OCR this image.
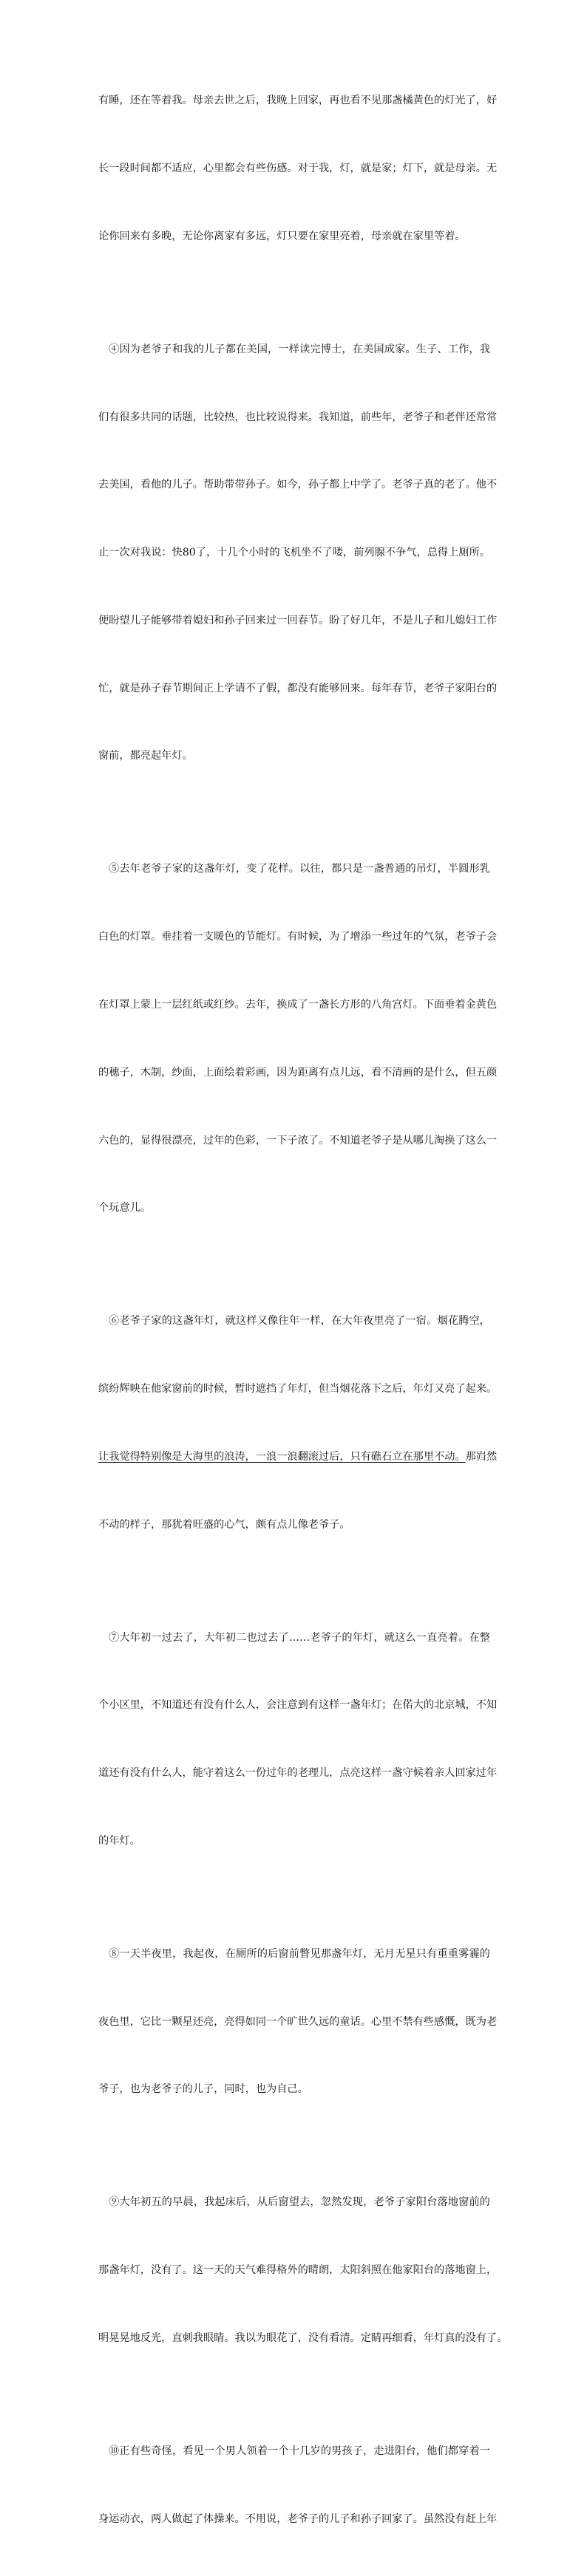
有睡，还在等着我。母亲去世之后，我晚上回家，再也看不见那盏橘黄色的灯光了，好

长一段时间都不适应，心里都会有些伤感。对于我，灯，就是家；灯下，就是母亲。无

论你回来有多晚，无论你离家有多远，灯只要在家里亮着，母亲就在家里等着。

④因为老爷子和我的儿子都在美国，一样读完博士，在美国成家。生子、工作，我

们有很多共同的话题，比较热，也比较说得来。我知道，前些年，老爷子和老伴还常常

去美国，看他的儿子。帮助带带孙子。如今，孙子都上中学了。老爷子真的老了。他不

止一次对我说：快80了，十几个小时的飞机坐不了喽，前列腺不争气，总得上厕所。

便盼望儿子能够带着媳妇和孙子回来过一回春节。盼了好几年，不是儿子和儿媳妇工作

忙，就是孙子春节期间正上学请不了假，都没有能够回来。每年春节，老爷子家阳台的

窗前，都亮起年灯。

⑤去年老爷子家的这盏年灯，变了花样。以往，都只是一盏普通的吊灯，半圆形乳

白色的灯罩。垂挂着一支暖色的节能灯。有时候，为了增添一些过年的气氛，老爷子会

在灯罩上蒙上一层红纸或红纱。去年，换成了一盏长方形的八角宫灯。下面垂着金黄色

的穗子，木制，纱面，上面绘着彩画，因为距离有点儿远，看不清画的是什么，但五颜

六色的，显得很漂亮，过年的色彩，一下子浓了。不知道老爷子是从哪儿淘换了这么一

个玩意儿。

⑥老爷子家的这盏年灯，就这样又像往年一样，在大年夜里亮了一宿。烟花腾空，

缤纷辉映在他家窗前的时候，暂时遮挡了年灯，但当烟花落下之后，年灯又亮了起来。

让我觉得特别像是大海里的浪涛，一浪一浪翻滚过后，只有礁石立在那里不动。那岿然

不动的样子，那犹着旺盛的心气，颇有点儿像老爷子。

⑦大年初一过去了，大年初二也过去了……老爷子的年灯，就这么一直亮着。在整

个小区里，不知道还有没有什么人，会注意到有这样一盏年灯；在偌大的北京城，不知

道还有没有什么人，能守着这么一份过年的老理儿，点亮这样一盏守候着亲人回家过年

的年灯。

⑧一天半夜里，我起夜，在厕所的后窗前瞥见那盏年灯，无月无星只有重重雾霾的

夜色里，它比一颗星还亮，亮得如同一个旷世久远的童话。心里不禁有些感慨，既为老

爷子，也为老爷子的儿子，同时，也为自己。

⑨大年初五的早晨，我起床后，从后窗望去，忽然发现，老爷子家阳台落地窗前的

那盏年灯，没有了。这一天的天气难得格外的晴朗，太阳斜照在他家阳台的落地窗上，

明晃晃地反光，直刺我眼睛。我以为眼花了，没有看清。定睛再细看，年灯真的没有了。

⑩正有些奇怪，看见一个男人领着一个十几岁的男孩子，走进阳台，他们都穿着一

身运动衣，两人做起了体操来。不用说，老爷子的儿子和孙子回家了。虽然没有赶上年
